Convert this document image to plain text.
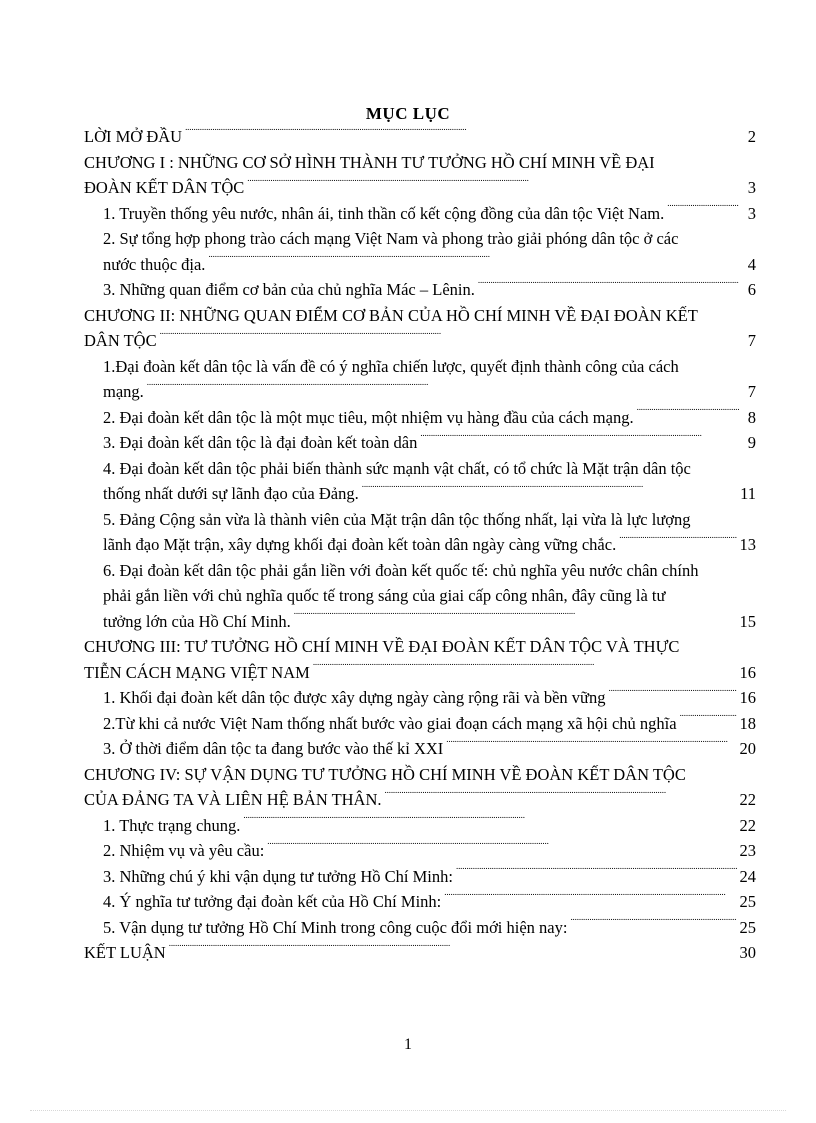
MỤC LỤC
LỜI MỞ ĐẦU . . .	2
CHƯƠNG I : NHỮNG CƠ SỞ HÌNH THÀNH TƯ TƯỞNG HỒ CHÍ MINH VỀ ĐẠI
ĐOÀN KẾT DÂN TỘC . . .	3
1. Truyền thống yêu nước, nhân ái, tinh thần cố kết cộng đồng của dân tộc Việt Nam. . . .	3
2. Sự tổng hợp phong trào cách mạng Việt Nam và phong trào giải phóng dân tộc ở các
nước thuộc địa. . . .	4
3. Những quan điểm cơ bản của chủ nghĩa Mác – Lênin. . . .	6
CHƯƠNG II: NHỮNG QUAN ĐIỂM CƠ BẢN CỦA HỒ CHÍ MINH VỀ ĐẠI ĐOÀN KẾT
DÂN TỘC . . .	7
1.Đại đoàn kết dân tộc là vấn đề có ý nghĩa chiến lược, quyết định thành công của cách
mạng. . . .	7
2. Đại đoàn kết dân tộc là một mục tiêu, một nhiệm vụ hàng đầu của cách mạng. . . .	8
3. Đại đoàn kết dân tộc là đại đoàn kết toàn dân . . .	9
4. Đại đoàn kết dân tộc phải biến thành sức mạnh vật chất, có tổ chức là Mặt trận dân tộc
thống nhất dưới sự lãnh đạo của Đảng. . . .	11
5. Đảng Cộng sản vừa là thành viên của Mặt trận dân tộc thống nhất, lại vừa là lực lượng
lãnh đạo Mặt trận, xây dựng khối đại đoàn kết toàn dân ngày càng vững chắc. . . .	13
6. Đại đoàn kết dân tộc phải gắn liền với đoàn kết quốc tế: chủ nghĩa yêu nước chân chính
phải gắn liền với chủ nghĩa quốc tế trong sáng của giai cấp công nhân, đây cũng là tư
tưởng lớn của Hồ Chí Minh. . . .	15
CHƯƠNG III: TƯ TƯỞNG HỒ CHÍ MINH VỀ ĐẠI ĐOÀN KẾT DÂN TỘC VÀ THỰC
TIỄN CÁCH MẠNG VIỆT NAM . . .	16
1. Khối đại đoàn kết dân tộc được xây dựng ngày càng rộng rãi và bền vững . . .	16
2.Từ khi cả nước Việt Nam thống nhất bước vào giai đoạn cách mạng xã hội chủ nghĩa . . .	18
3. Ở thời điểm dân tộc ta đang bước vào thế kỉ XXI . . .	20
CHƯƠNG IV: SỰ VẬN DỤNG TƯ TƯỞNG HỒ CHÍ MINH VỀ ĐOÀN KẾT DÂN TỘC
CỦA ĐẢNG TA VÀ LIÊN HỆ BẢN THÂN. . . .	22
1. Thực trạng chung. . . .	22
2. Nhiệm vụ và yêu cầu: . . .	23
3. Những chú ý khi vận dụng tư tưởng Hồ Chí Minh: . . .	24
4. Ý nghĩa tư tưởng đại đoàn kết của Hồ Chí Minh: . . .	25
5. Vận dụng tư tưởng Hồ Chí Minh trong công cuộc đổi mới hiện nay: . . .	25
KẾT LUẬN . . .	30
1
